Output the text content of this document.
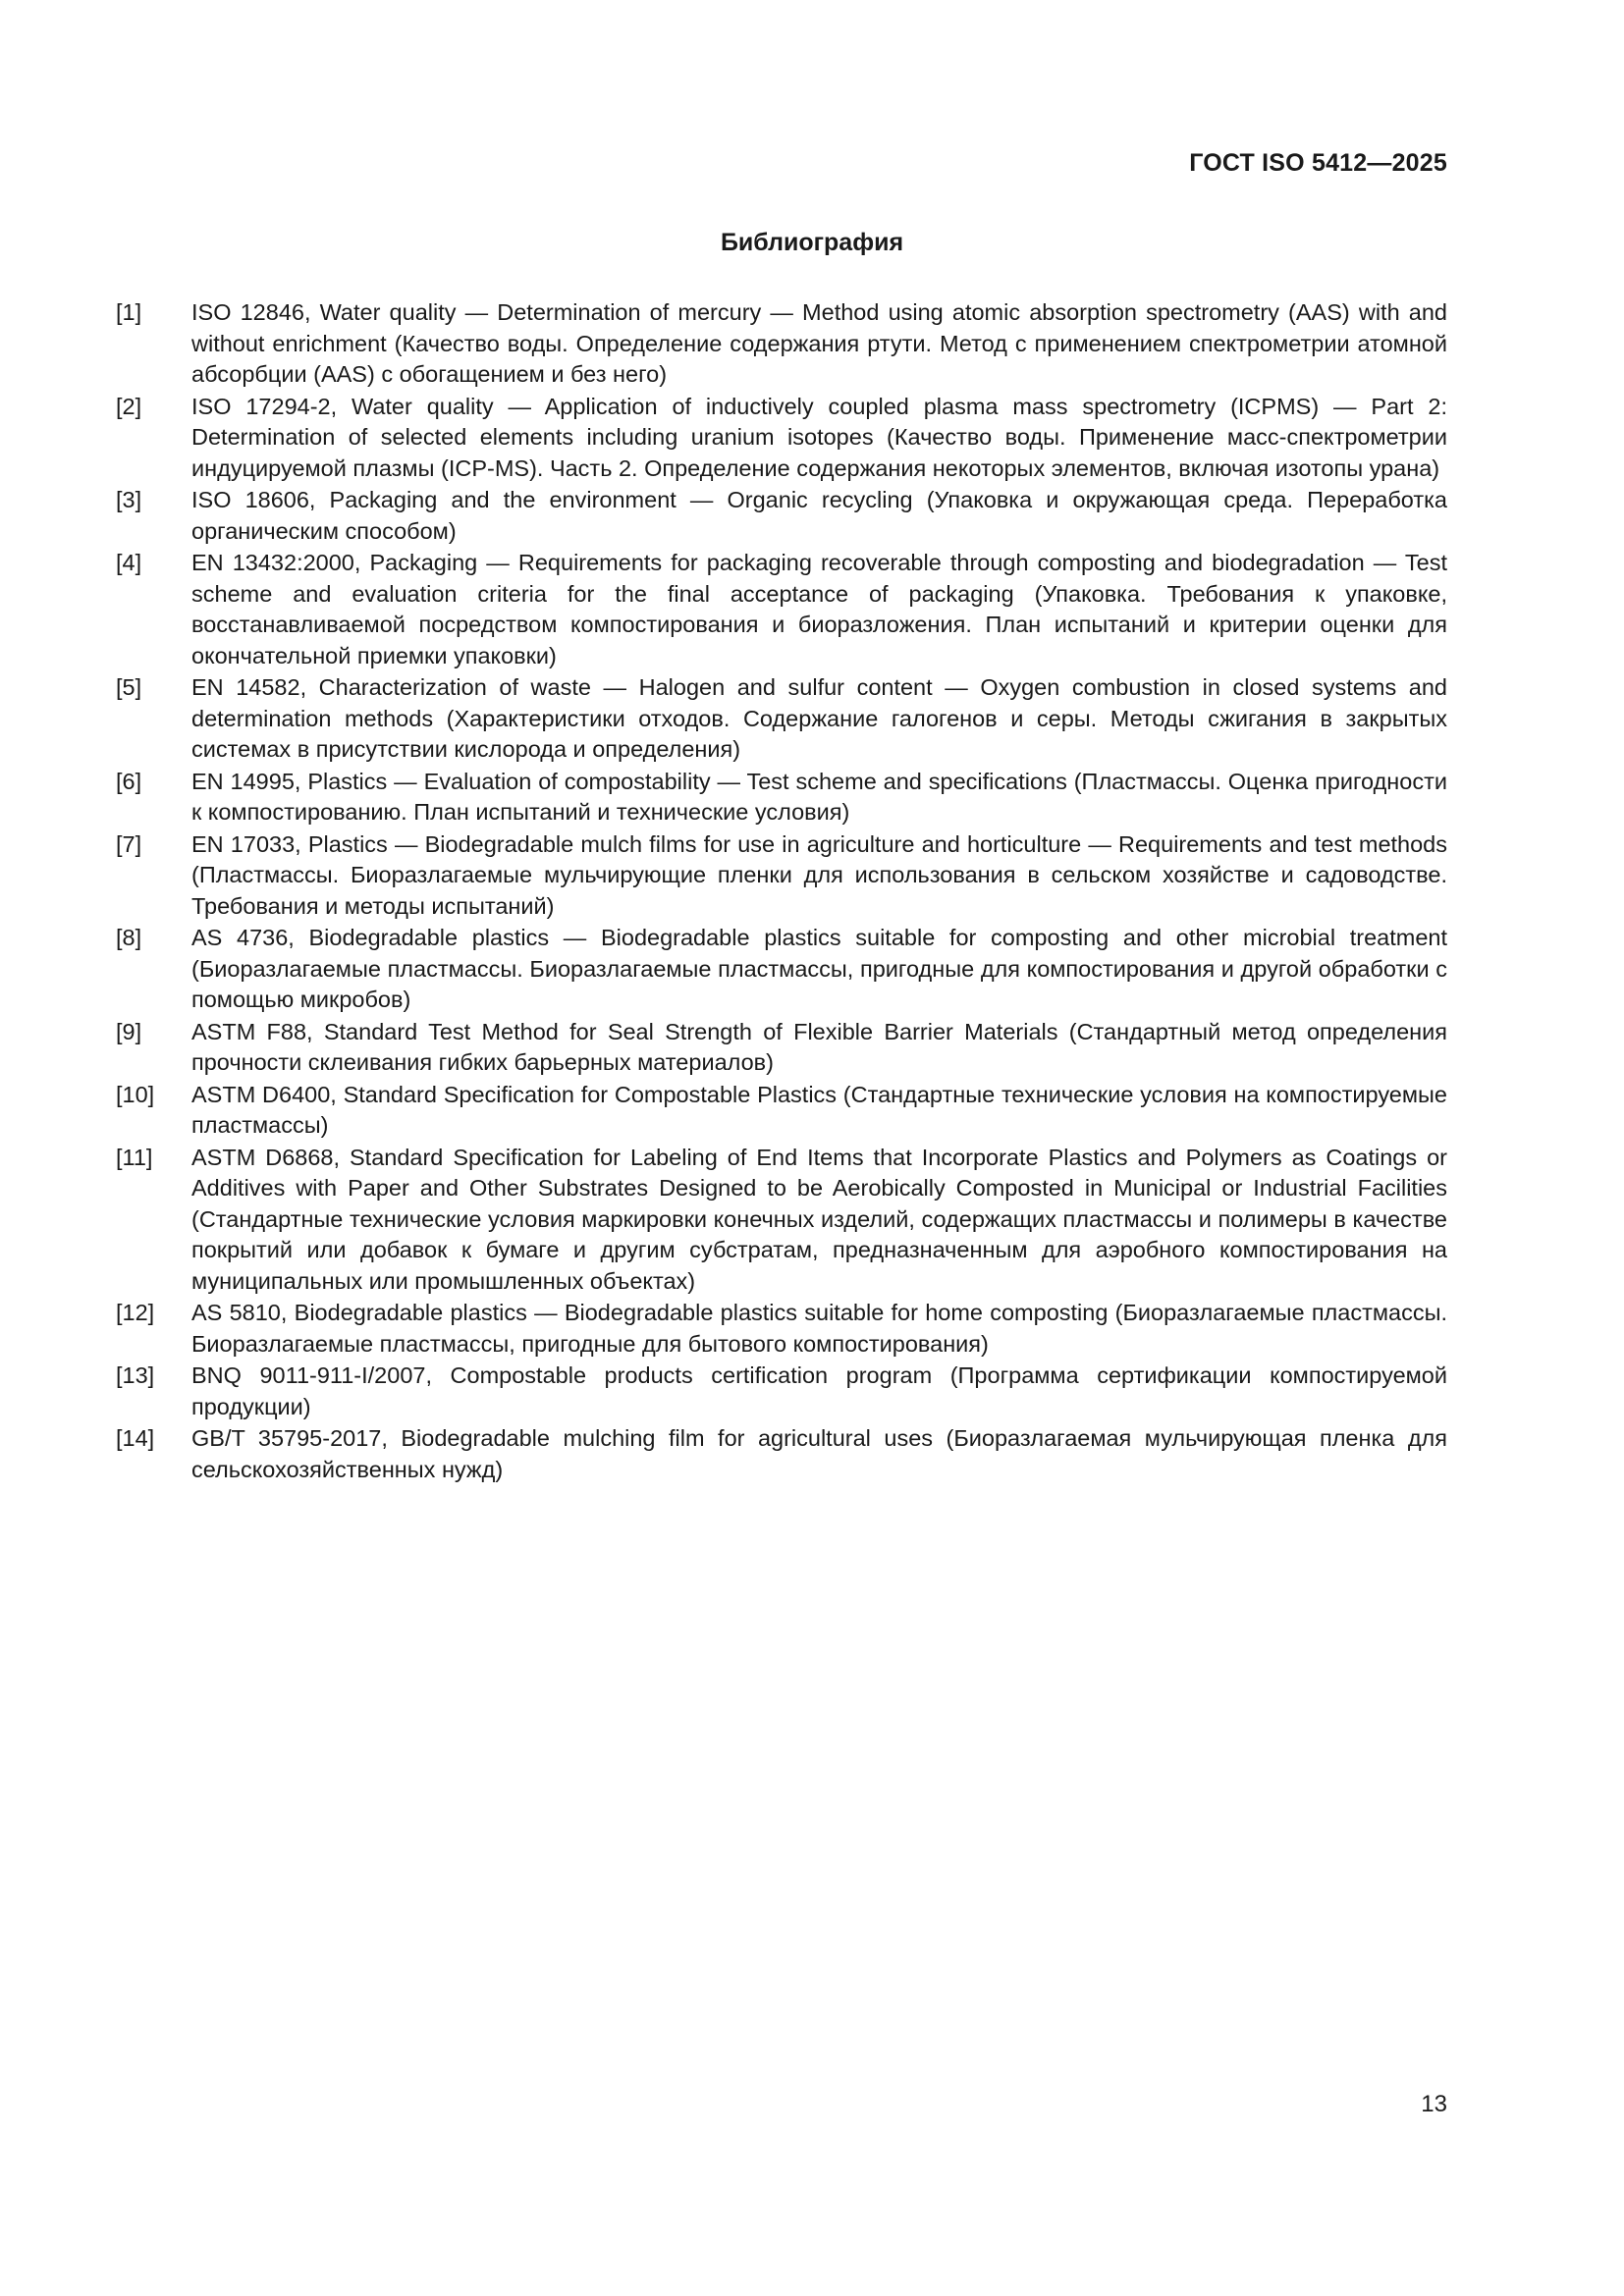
ГОСТ ISO 5412—2025
Библиография
[1]	ISO 12846, Water quality — Determination of mercury — Method using atomic absorption spectrometry (AAS) with and without enrichment (Качество воды. Определение содержания ртути. Метод с применением спектрометрии атомной абсорбции (AAS) с обогащением и без него)
[2]	ISO 17294-2, Water quality — Application of inductively coupled plasma mass spectrometry (ICPMS) — Part 2: Determination of selected elements including uranium isotopes (Качество воды. Применение масс-спектрометрии индуцируемой плазмы (ICP-MS). Часть 2. Определение содержания некоторых элементов, включая изотопы урана)
[3]	ISO 18606, Packaging and the environment — Organic recycling (Упаковка и окружающая среда. Переработка органическим способом)
[4]	EN 13432:2000, Packaging — Requirements for packaging recoverable through composting and biodegradation — Test scheme and evaluation criteria for the final acceptance of packaging (Упаковка. Требования к упаковке, восстанавливаемой посредством компостирования и биоразложения. План испытаний и критерии оценки для окончательной приемки упаковки)
[5]	EN 14582, Characterization of waste — Halogen and sulfur content — Oxygen combustion in closed systems and determination methods (Характеристики отходов. Содержание галогенов и серы. Методы сжигания в закрытых системах в присутствии кислорода и определения)
[6]	EN 14995, Plastics — Evaluation of compostability — Test scheme and specifications (Пластмассы. Оценка пригодности к компостированию. План испытаний и технические условия)
[7]	EN 17033, Plastics — Biodegradable mulch films for use in agriculture and horticulture — Requirements and test methods (Пластмассы. Биоразлагаемые мульчирующие пленки для использования в сельском хозяйстве и садоводстве. Требования и методы испытаний)
[8]	AS 4736, Biodegradable plastics — Biodegradable plastics suitable for composting and other microbial treatment (Биоразлагаемые пластмассы. Биоразлагаемые пластмассы, пригодные для компостирования и другой обработки с помощью микробов)
[9]	ASTM F88, Standard Test Method for Seal Strength of Flexible Barrier Materials (Стандартный метод определения прочности склеивания гибких барьерных материалов)
[10]	ASTM D6400, Standard Specification for Compostable Plastics (Стандартные технические условия на компостируемые пластмассы)
[11]	ASTM D6868, Standard Specification for Labeling of End Items that Incorporate Plastics and Polymers as Coatings or Additives with Paper and Other Substrates Designed to be Aerobically Composted in Municipal or Industrial Facilities (Стандартные технические условия маркировки конечных изделий, содержащих пластмассы и полимеры в качестве покрытий или добавок к бумаге и другим субстратам, предназначенным для аэробного компостирования на муниципальных или промышленных объектах)
[12]	AS 5810, Biodegradable plastics — Biodegradable plastics suitable for home composting (Биоразлагаемые пластмассы. Биоразлагаемые пластмассы, пригодные для бытового компостирования)
[13]	BNQ 9011-911-I/2007, Compostable products certification program (Программа сертификации компостируемой продукции)
[14]	GB/T 35795-2017, Biodegradable mulching film for agricultural uses (Биоразлагаемая мульчирующая пленка для сельскохозяйственных нужд)
13
